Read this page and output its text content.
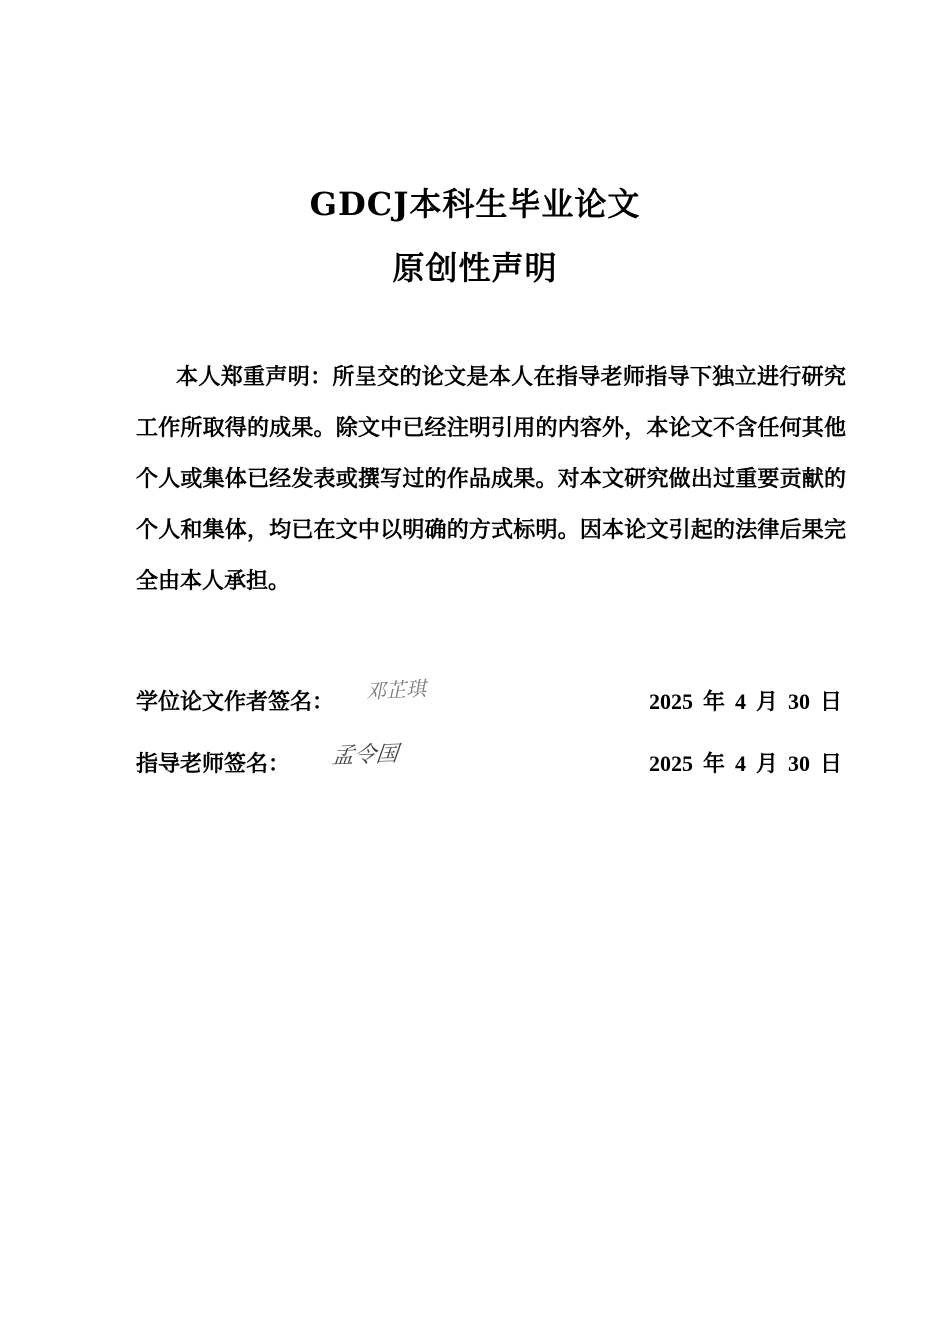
GDCJ本科生毕业论文
原创性声明
本人郑重声明：所呈交的论文是本人在指导老师指导下独立进行研究工作所取得的成果。除文中已经注明引用的内容外，本论文不含任何其他个人或集体已经发表或撰写过的作品成果。对本文研究做出过重要贡献的个人和集体，均已在文中以明确的方式标明。因本论文引起的法律后果完全由本人承担。
学位论文作者签名： 邓芷琪	2025 年 4 月 30 日
指导老师签名： 孟令国	2025 年 4 月 30 日
